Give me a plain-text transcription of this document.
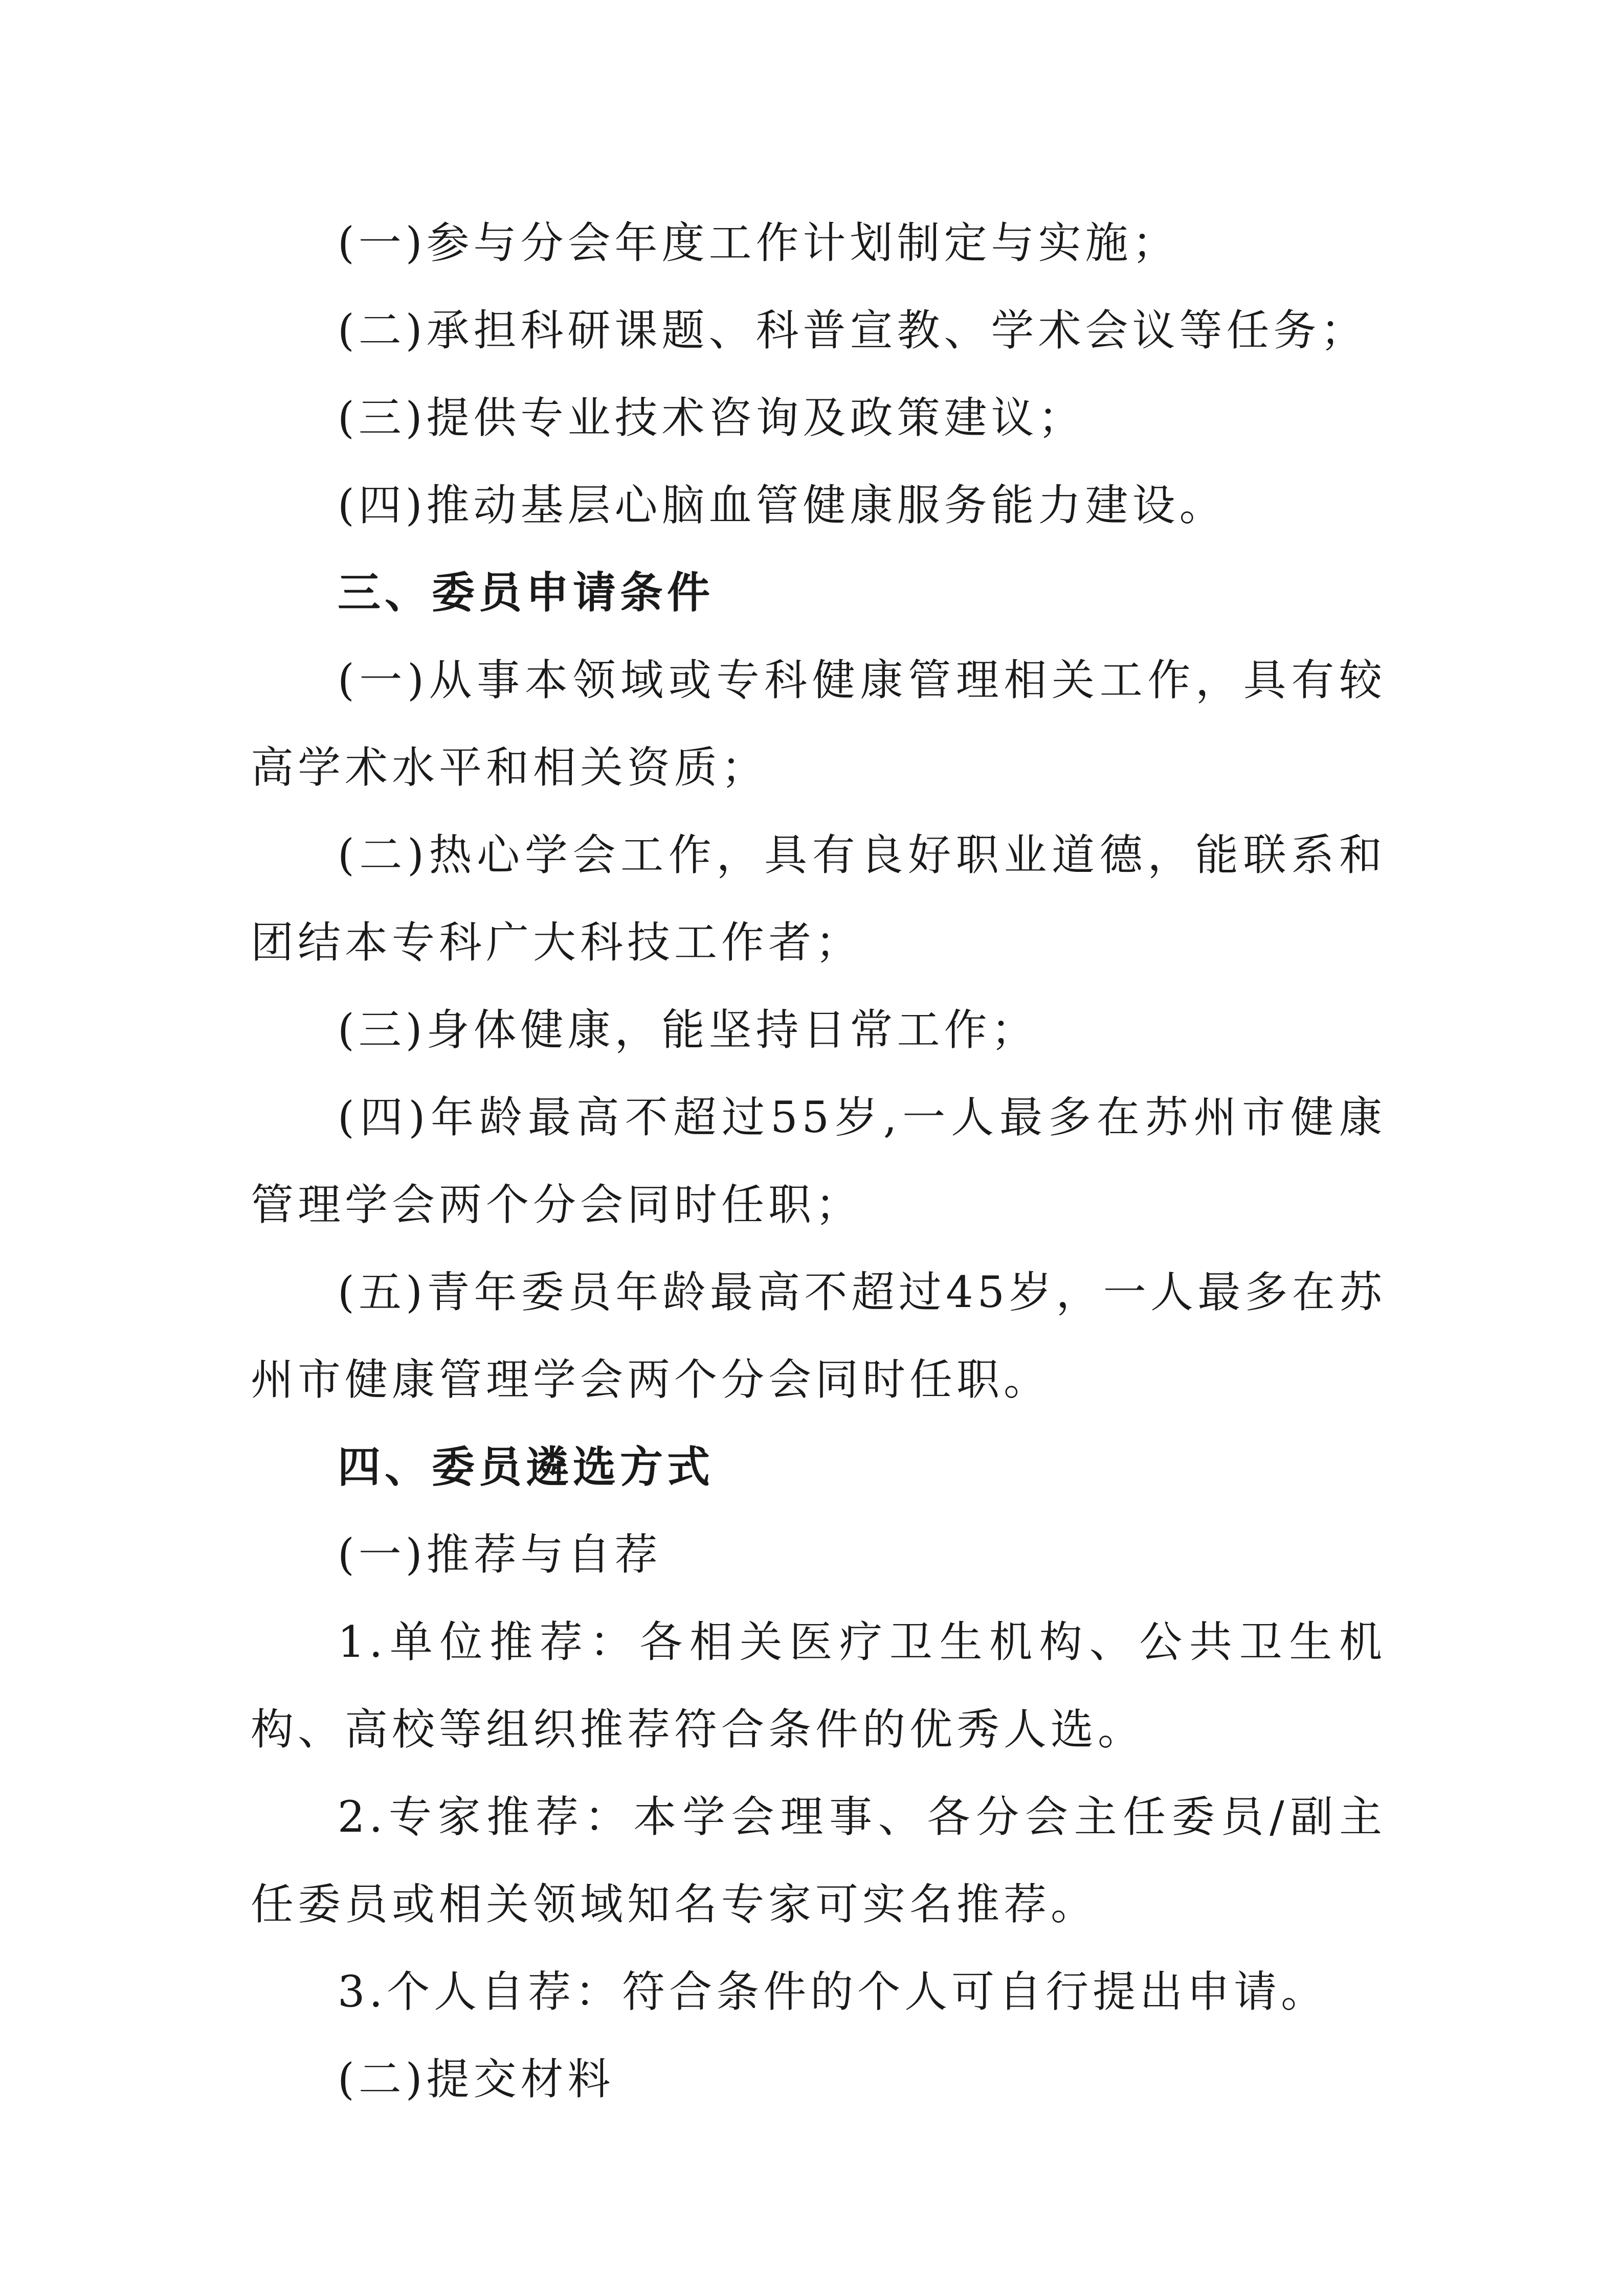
(一)参与分会年度工作计划制定与实施；

(二)承担科研课题、科普宣教、学术会议等任务；

(三)提供专业技术咨询及政策建议；

(四)推动基层心脑血管健康服务能力建设。

三、委员申请条件

(一)从事本领域或专科健康管理相关工作，具有较高学术水平和相关资质；

(二)热心学会工作，具有良好职业道德，能联系和团结本专科广大科技工作者；

(三)身体健康，能坚持日常工作；

(四)年龄最高不超过55岁,一人最多在苏州市健康管理学会两个分会同时任职；

(五)青年委员年龄最高不超过45岁，一人最多在苏州市健康管理学会两个分会同时任职。

四、委员遴选方式

(一)推荐与自荐

1.单位推荐：各相关医疗卫生机构、公共卫生机构、高校等组织推荐符合条件的优秀人选。

2.专家推荐：本学会理事、各分会主任委员/副主任委员或相关领域知名专家可实名推荐。

3.个人自荐：符合条件的个人可自行提出申请。

(二)提交材料
